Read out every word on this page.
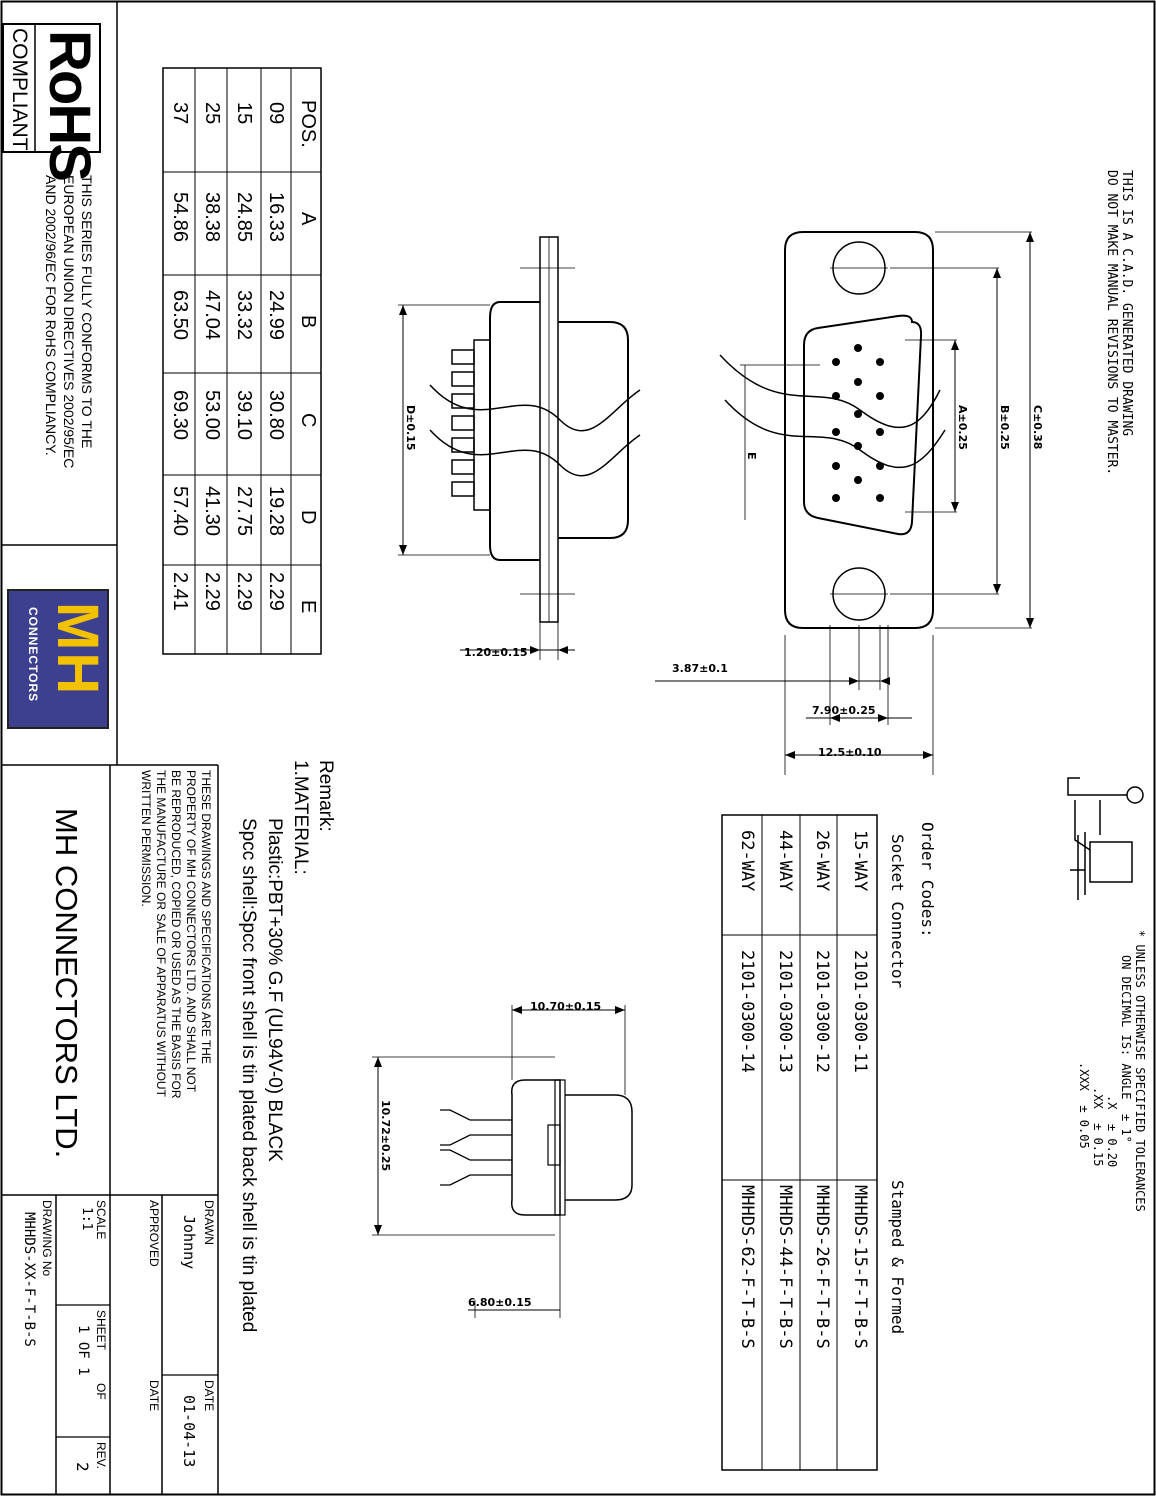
THIS IS A C.A.D. GENERATED DRAWING
DO NOT MAKE MANUAL REVISIONS TO MASTER.
* UNLESS OTHERWISE SPECIFIED TOLERANCES
ON DECIMAL IS: ANGLE  ± 1°
.X  ± 0.20
.XX  ± 0.15
.XXX  ± 0.05
C±0.38
B±0.25
A±0.25
E
D±0.15
1.20±0.15
3.87±0.1
7.90±0.25
12.5±0.10
10.70±0.15
10.72±0.25
6.80±0.15
POS.
A
B
C
D
E
09
16.33
24.99
30.80
19.28
2.29
15
24.85
33.32
39.10
27.75
2.29
25
38.38
47.04
53.00
41.30
2.29
37
54.86
63.50
69.30
57.40
2.41
Order Codes:
Socket Connector
Stamped & Formed
15-WAY
2101-0300-11
MHHDS-15-F-T-B-S
26-WAY
2101-0300-12
MHHDS-26-F-T-B-S
44-WAY
2101-0300-13
MHHDS-44-F-T-B-S
62-WAY
2101-0300-14
MHHDS-62-F-T-B-S
Remark:
1.MATERIAL:
Plastic:PBT+30% G.F (UL94V-0) BLACK
Spcc shell:Spcc front shell is tin plated back shell is tin plated
RoHS
COMPLIANT
THIS SERIES FULLY CONFORMS TO THE
EUROPEAN UNION DIRECTIVES 2002/95/EC
AND 2002/96/EC FOR RoHS COMPLIANCY.
MH
CONNECTORS
MH CONNECTORS LTD.	THESE DRAWINGS AND SPECIFICATIONS ARE THE
PROPERTY OF MH CONNECTORS LTD. AND SHALL NOT
BE REPRODUCED, COPIED OR USED AS THE BASIS FOR
THE MANUFACTURE OR SALE OF APPARATUS WITHOUT
WRITTEN PERMISSION.
DRAWN
Johnny
DATE
01-04-13
APPROVED
DATE
SCALE
1:1
SHEET
OF
1 OF 1
REV.
2
DRAWING No
MHHDS-XX-F-T-B-S
